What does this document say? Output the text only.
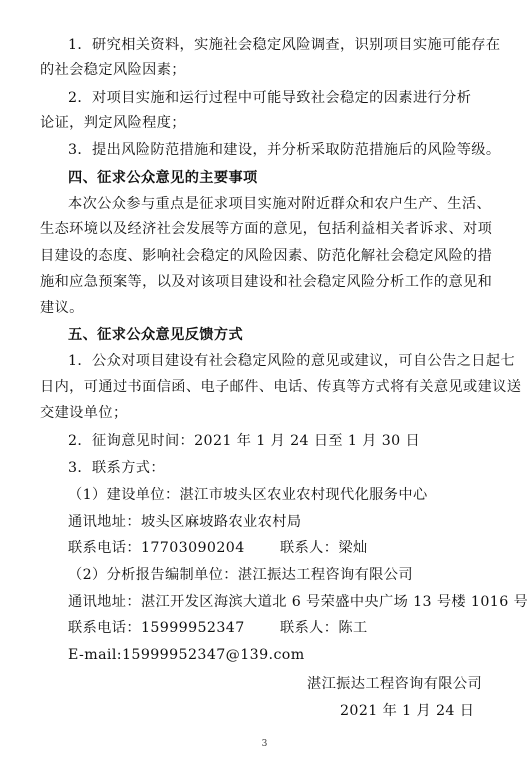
1．研究相关资料，实施社会稳定风险调查，识别项目实施可能存在
的社会稳定风险因素；
2．对项目实施和运行过程中可能导致社会稳定的因素进行分析
论证，判定风险程度；
3．提出风险防范措施和建设，并分析采取防范措施后的风险等级。
四、征求公众意见的主要事项
本次公众参与重点是征求项目实施对附近群众和农户生产、生活、
生态环境以及经济社会发展等方面的意见，包括利益相关者诉求、对项
目建设的态度、影响社会稳定的风险因素、防范化解社会稳定风险的措
施和应急预案等，以及对该项目建设和社会稳定风险分析工作的意见和
建议。
五、征求公众意见反馈方式
1．公众对项目建设有社会稳定风险的意见或建议，可自公告之日起七
日内，可通过书面信函、电子邮件、电话、传真等方式将有关意见或建议送
交建设单位；
2．征询意见时间：2021 年 1 月 24 日至 1 月 30 日
3．联系方式：
（1）建设单位：湛江市坡头区农业农村现代化服务中心
通讯地址：坡头区麻坡路农业农村局
联系电话：17703090204 联系人：梁灿
（2）分析报告编制单位：湛江振达工程咨询有限公司
通讯地址：湛江开发区海滨大道北 6 号荣盛中央广场 13 号楼 1016 号
联系电话：15999952347 联系人：陈工
E-mail:15999952347@139.com
湛江振达工程咨询有限公司
2021 年 1 月 24 日
3
